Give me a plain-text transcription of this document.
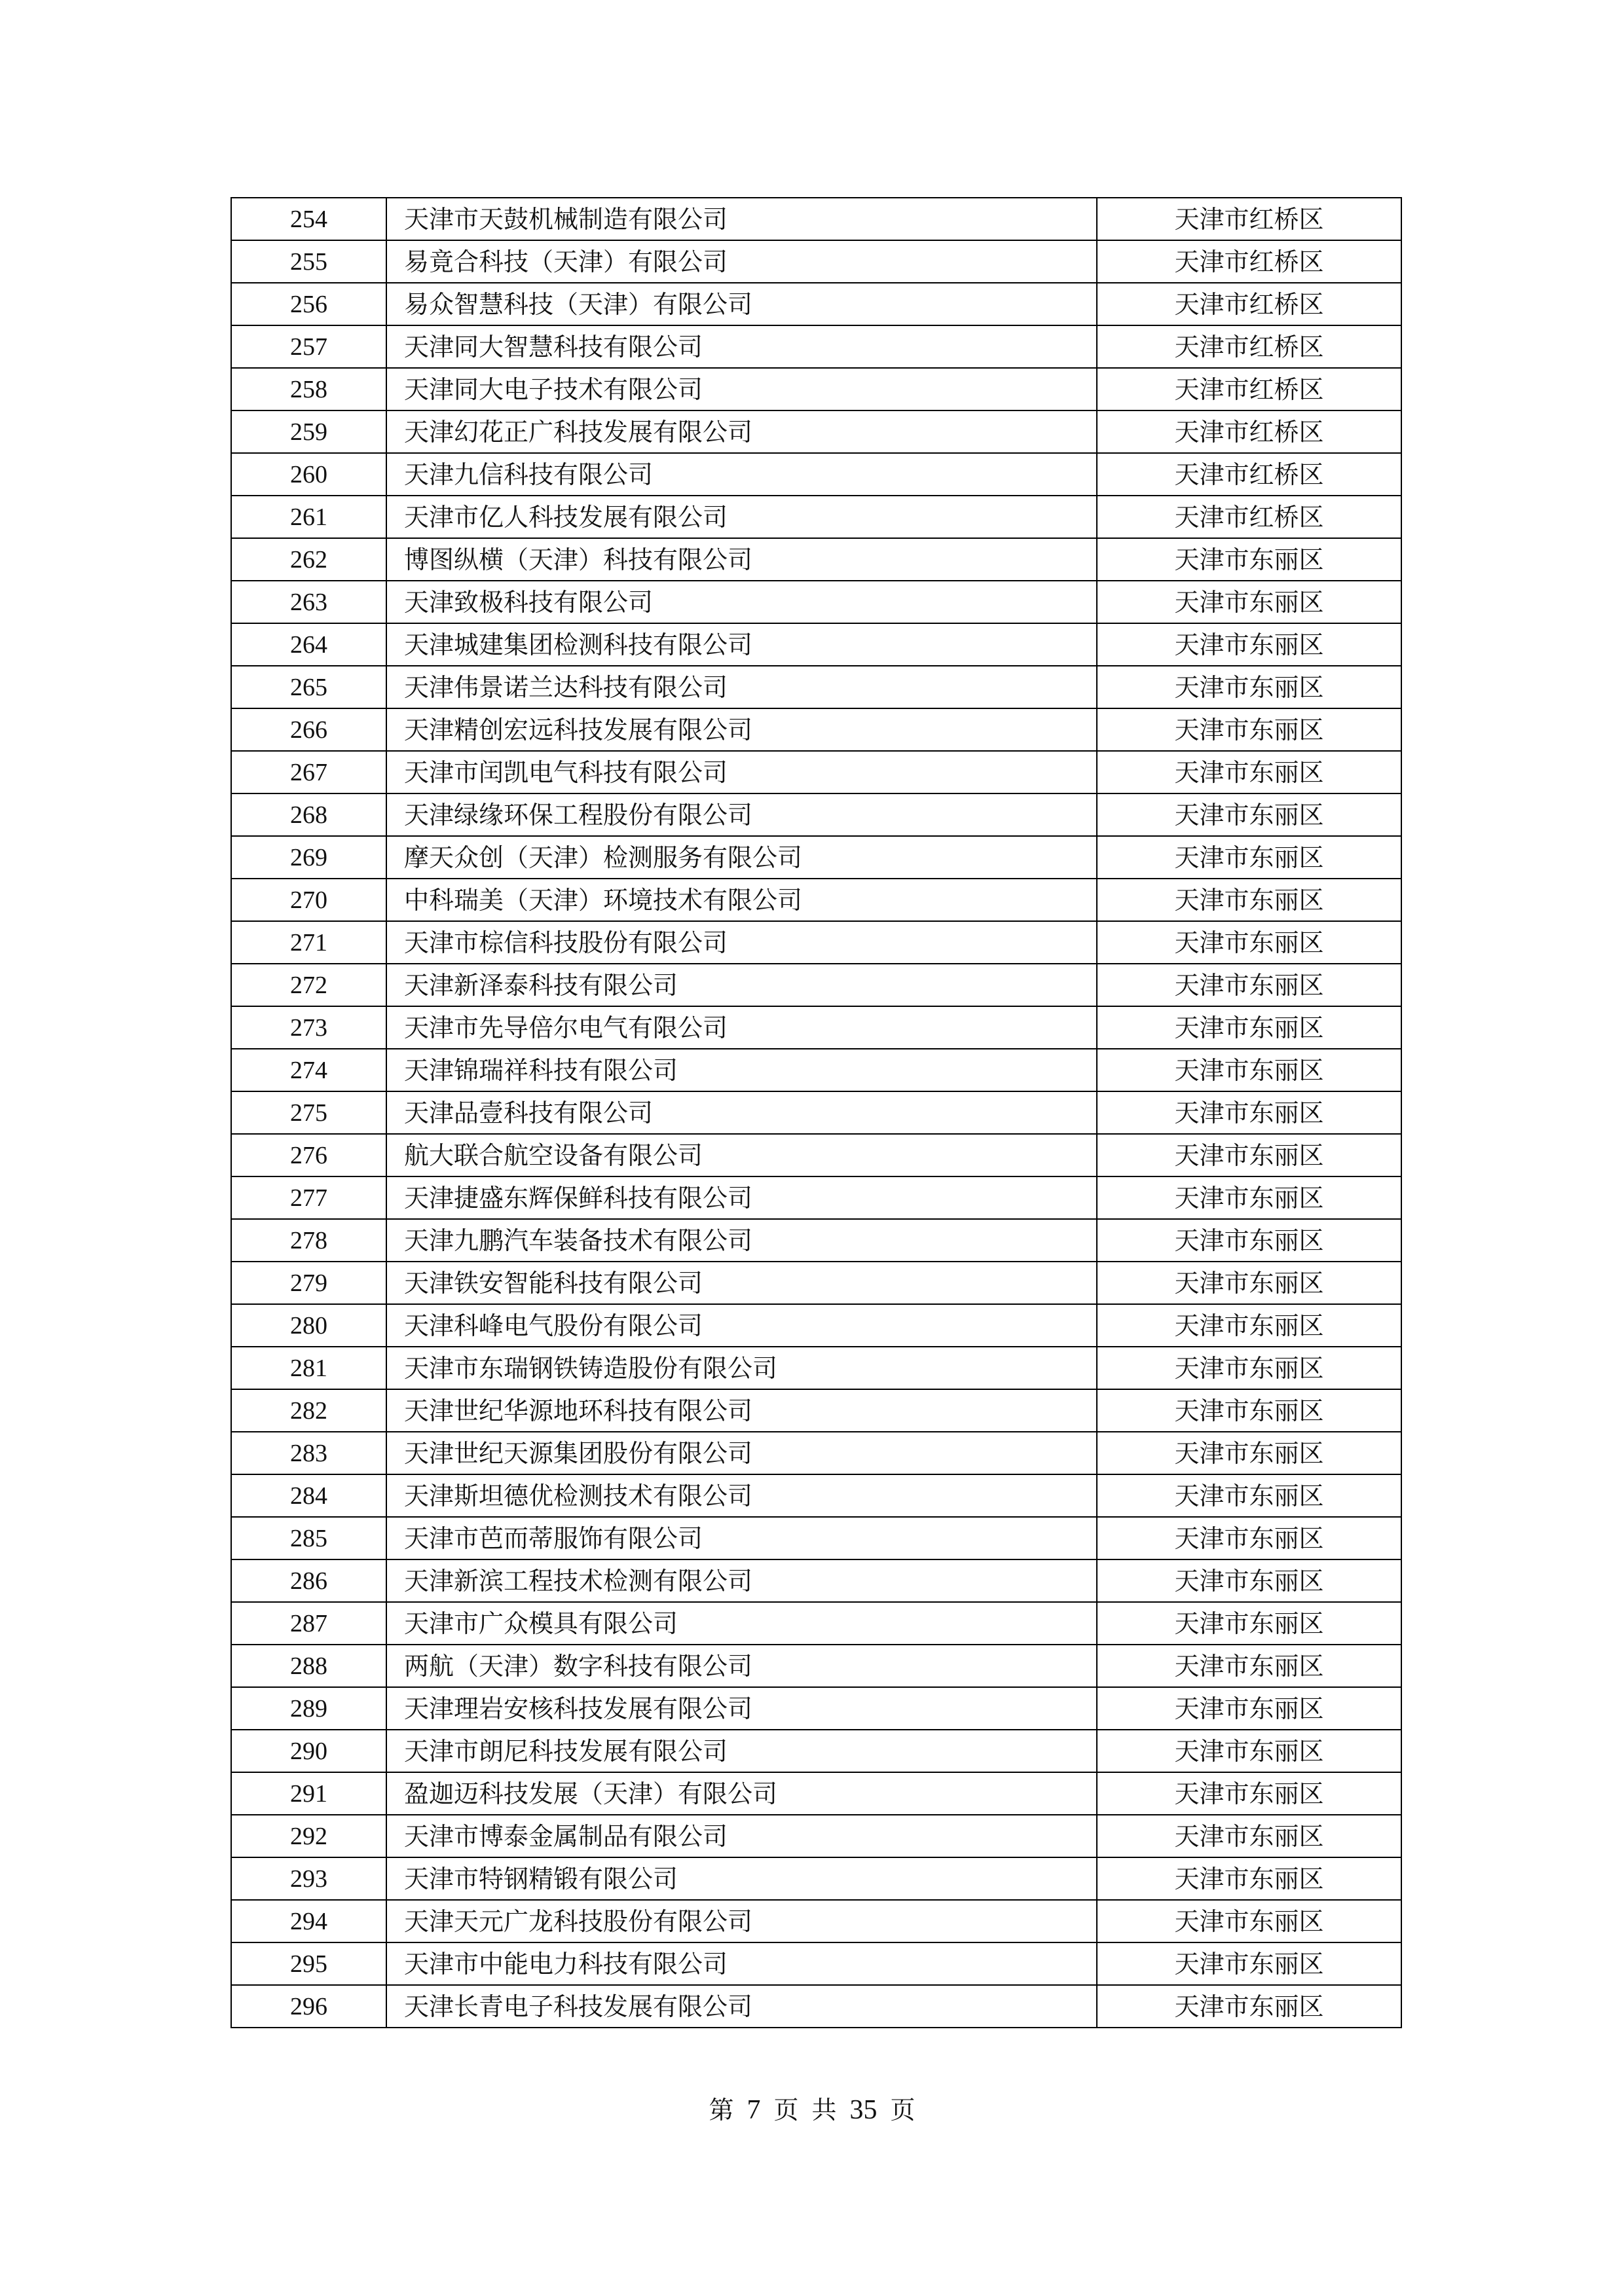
254	天津市天鼓机械制造有限公司	天津市红桥区
255	易竟合科技（天津）有限公司	天津市红桥区
256	易众智慧科技（天津）有限公司	天津市红桥区
257	天津同大智慧科技有限公司	天津市红桥区
258	天津同大电子技术有限公司	天津市红桥区
259	天津幻花正广科技发展有限公司	天津市红桥区
260	天津九信科技有限公司	天津市红桥区
261	天津市亿人科技发展有限公司	天津市红桥区
262	博图纵横（天津）科技有限公司	天津市东丽区
263	天津致极科技有限公司	天津市东丽区
264	天津城建集团检测科技有限公司	天津市东丽区
265	天津伟景诺兰达科技有限公司	天津市东丽区
266	天津精创宏远科技发展有限公司	天津市东丽区
267	天津市闰凯电气科技有限公司	天津市东丽区
268	天津绿缘环保工程股份有限公司	天津市东丽区
269	摩天众创（天津）检测服务有限公司	天津市东丽区
270	中科瑞美（天津）环境技术有限公司	天津市东丽区
271	天津市棕信科技股份有限公司	天津市东丽区
272	天津新泽泰科技有限公司	天津市东丽区
273	天津市先导倍尔电气有限公司	天津市东丽区
274	天津锦瑞祥科技有限公司	天津市东丽区
275	天津品壹科技有限公司	天津市东丽区
276	航大联合航空设备有限公司	天津市东丽区
277	天津捷盛东辉保鲜科技有限公司	天津市东丽区
278	天津九鹏汽车装备技术有限公司	天津市东丽区
279	天津铁安智能科技有限公司	天津市东丽区
280	天津科峰电气股份有限公司	天津市东丽区
281	天津市东瑞钢铁铸造股份有限公司	天津市东丽区
282	天津世纪华源地环科技有限公司	天津市东丽区
283	天津世纪天源集团股份有限公司	天津市东丽区
284	天津斯坦德优检测技术有限公司	天津市东丽区
285	天津市芭而蒂服饰有限公司	天津市东丽区
286	天津新滨工程技术检测有限公司	天津市东丽区
287	天津市广众模具有限公司	天津市东丽区
288	两航（天津）数字科技有限公司	天津市东丽区
289	天津理岩安核科技发展有限公司	天津市东丽区
290	天津市朗尼科技发展有限公司	天津市东丽区
291	盈迦迈科技发展（天津）有限公司	天津市东丽区
292	天津市博泰金属制品有限公司	天津市东丽区
293	天津市特钢精锻有限公司	天津市东丽区
294	天津天元广龙科技股份有限公司	天津市东丽区
295	天津市中能电力科技有限公司	天津市东丽区
296	天津长青电子科技发展有限公司	天津市东丽区
第 7 页 共 35 页
